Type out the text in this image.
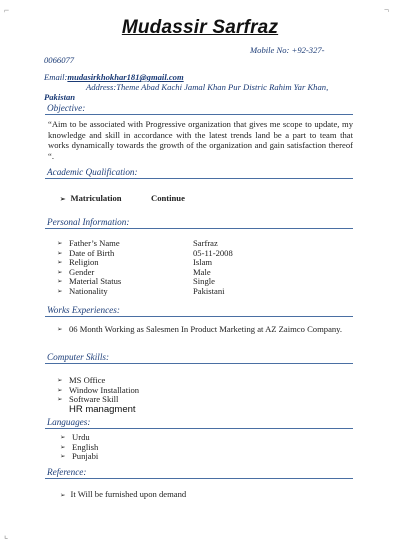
⌐	¬
Mudassir Sarfraz
Mobile No: +92-327-
0066077
Email:mudasirkhokhar181@gmail.com
Address:Theme Abad Kachi Jamal Khan Pur Distric Rahim Yar Khan,
Pakistan
Objective:
“Aim to be associated with Progressive organization that gives me scope to update, my knowledge and skill in accordance with the latest trends land be a part to team that works dynamically towards the growth of the organization and gain satisfaction thereof “.
Academic Qualification:
➢ Matriculation	Continue
Personal Information:
➢ Father’s Name	Sarfraz
➢ Date of Birth	05-11-2008
➢ Religion	Islam
➢ Gender	Male
➢ Material Status	Single
➢ Nationality	Pakistani
Works Experiences:
➢ 06 Month Working as Salesmen In Product Marketing at AZ Zaimco Company.
Computer Skills:
➢ MS Office
➢ Window Installation
➢ Software Skill
HR managment
Languages:
➢ Urdu
➢ English
➢ Punjabi
Reference:
➢ It Will be furnished upon demand
⌞
